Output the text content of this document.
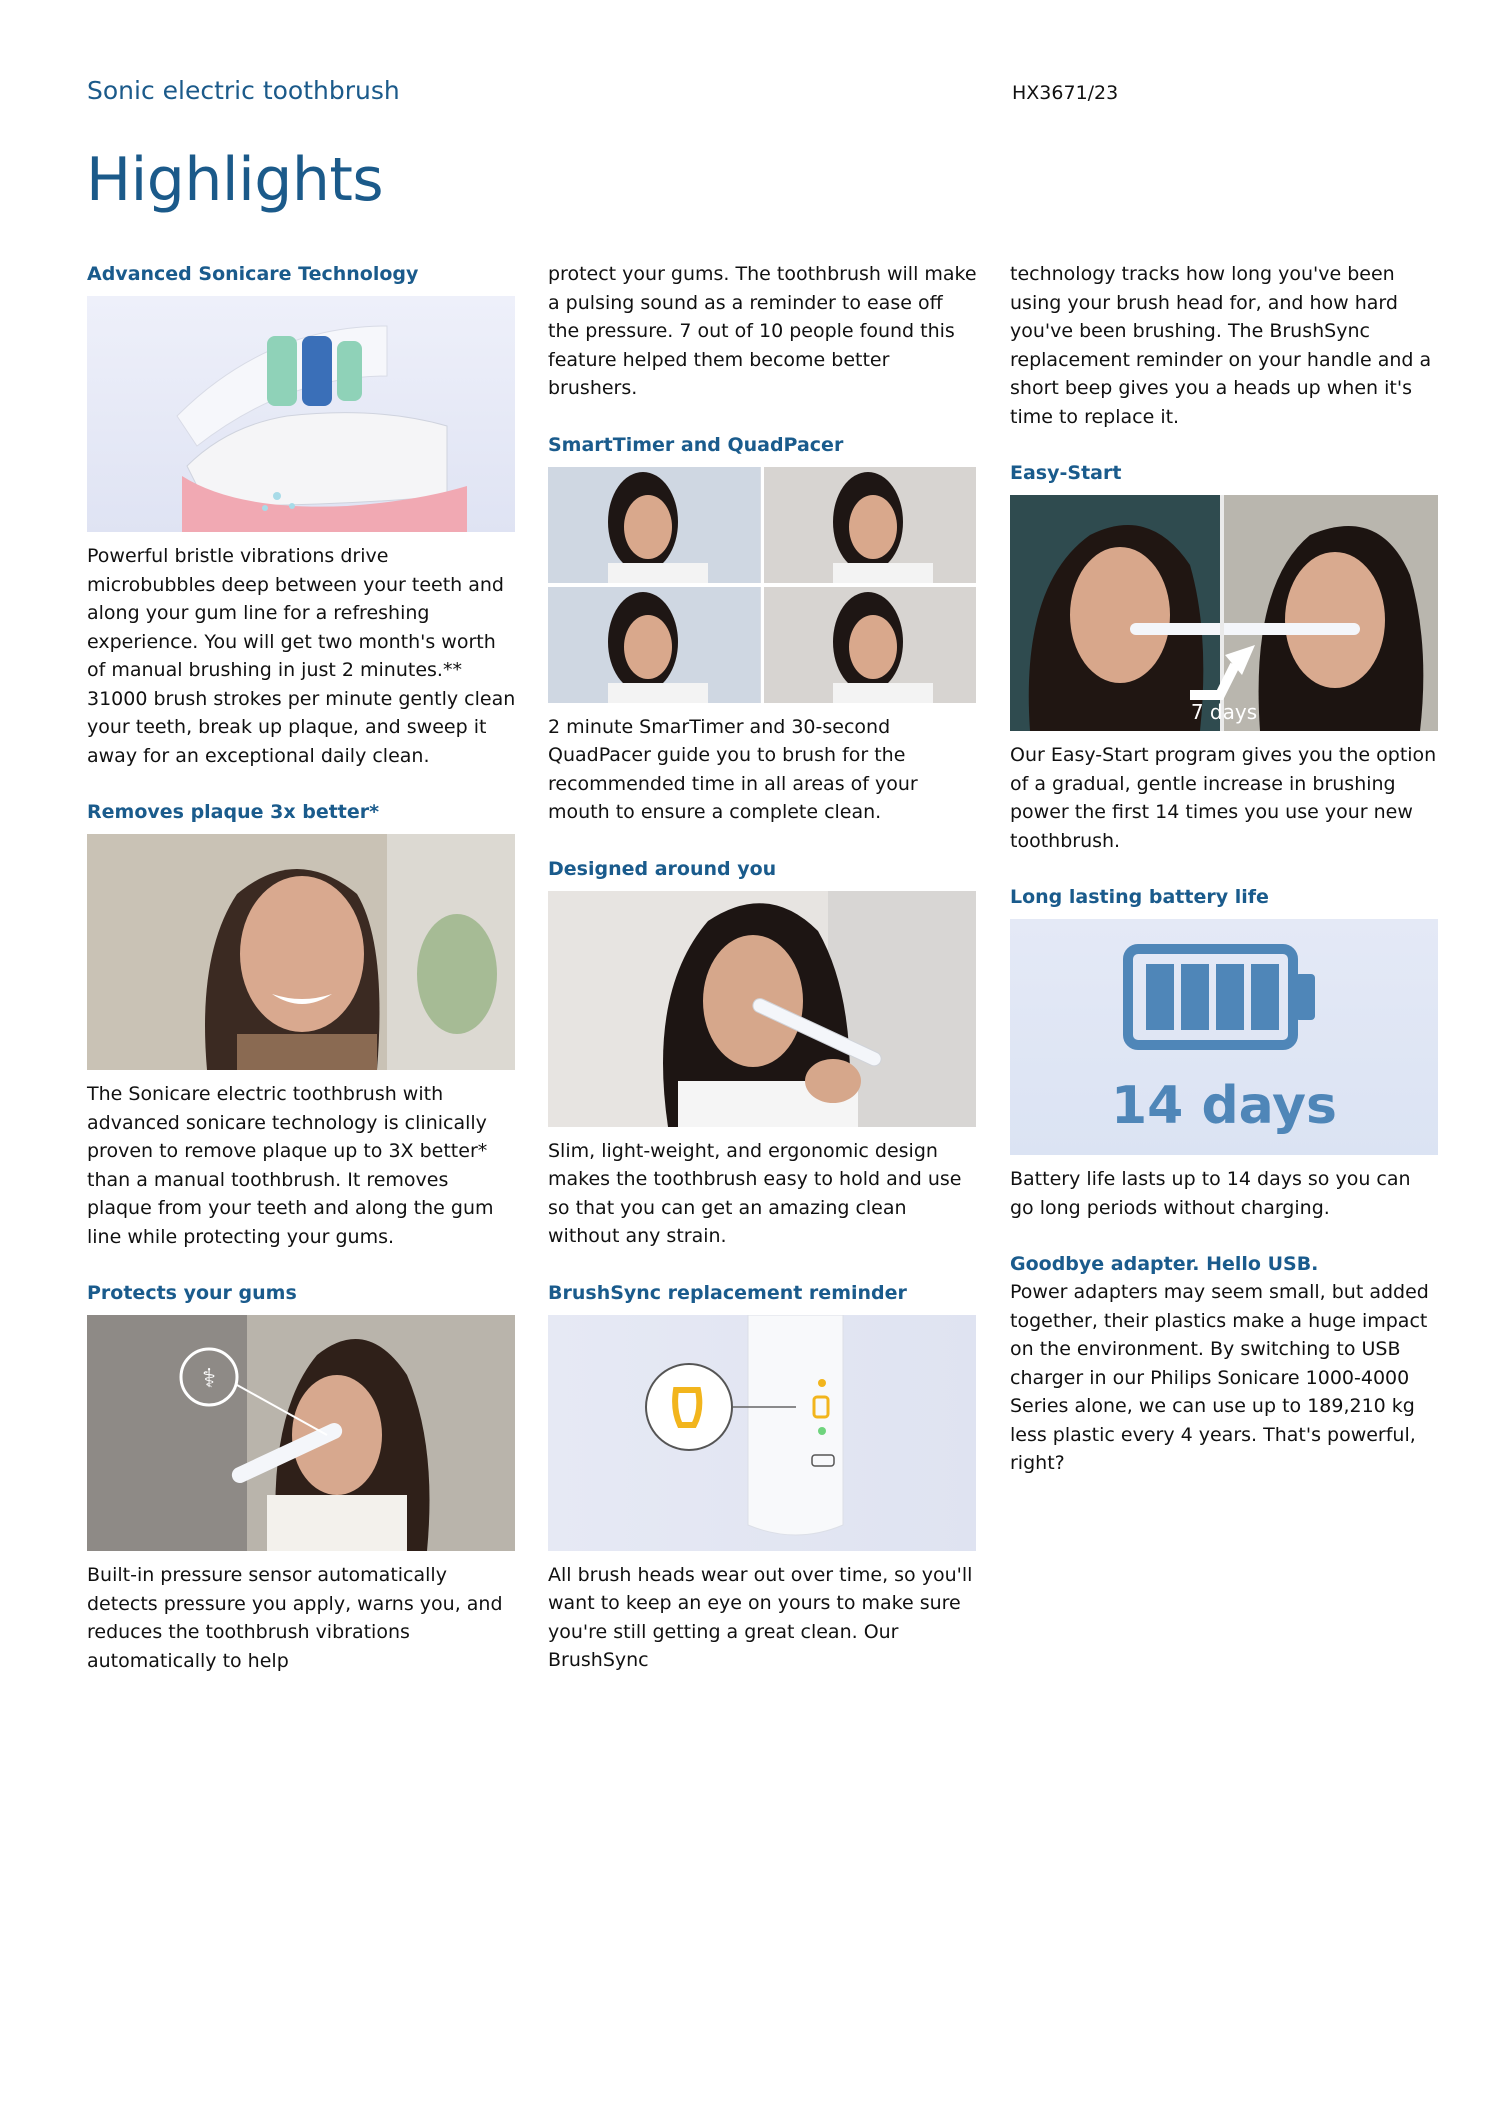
Sonic electric toothbrush	HX3671/23
Highlights
Advanced Sonicare Technology

Powerful bristle vibrations drive microbubbles deep between your teeth and along your gum line for a refreshing experience. You will get two month's worth of manual brushing in just 2 minutes.** 31000 brush strokes per minute gently clean your teeth, break up plaque, and sweep it away for an exceptional daily clean.

Removes plaque 3x better*

The Sonicare electric toothbrush with advanced sonicare technology is clinically proven to remove plaque up to 3X better* than a manual toothbrush. It removes plaque from your teeth and along the gum line while protecting your gums.

Protects your gums
⚕

Built-in pressure sensor automatically detects pressure you apply, warns you, and reduces the toothbrush vibrations automatically to help

protect your gums. The toothbrush will make a pulsing sound as a reminder to ease off the pressure. 7 out of 10 people found this feature helped them become better brushers.

SmartTimer and QuadPacer

2 minute SmarTimer and 30-second QuadPacer guide you to brush for the recommended time in all areas of your mouth to ensure a complete clean.

Designed around you

Slim, light-weight, and ergonomic design makes the toothbrush easy to hold and use so that you can get an amazing clean without any strain.

BrushSync replacement reminder

All brush heads wear out over time, so you'll want to keep an eye on yours to make sure you're still getting a great clean. Our BrushSync

technology tracks how long you've been using your brush head for, and how hard you've been brushing. The BrushSync replacement reminder on your handle and a short beep gives you a heads up when it's time to replace it.

Easy-Start
7 days

Our Easy-Start program gives you the option of a gradual, gentle increase in brushing power the first 14 times you use your new toothbrush.

Long lasting battery life
14 days

Battery life lasts up to 14 days so you can go long periods without charging.

Goodbye adapter. Hello USB.

Power adapters may seem small, but added together, their plastics make a huge impact on the environment. By switching to USB charger in our Philips Sonicare 1000-4000 Series alone, we can use up to 189,210 kg less plastic every 4 years. That's powerful, right?
